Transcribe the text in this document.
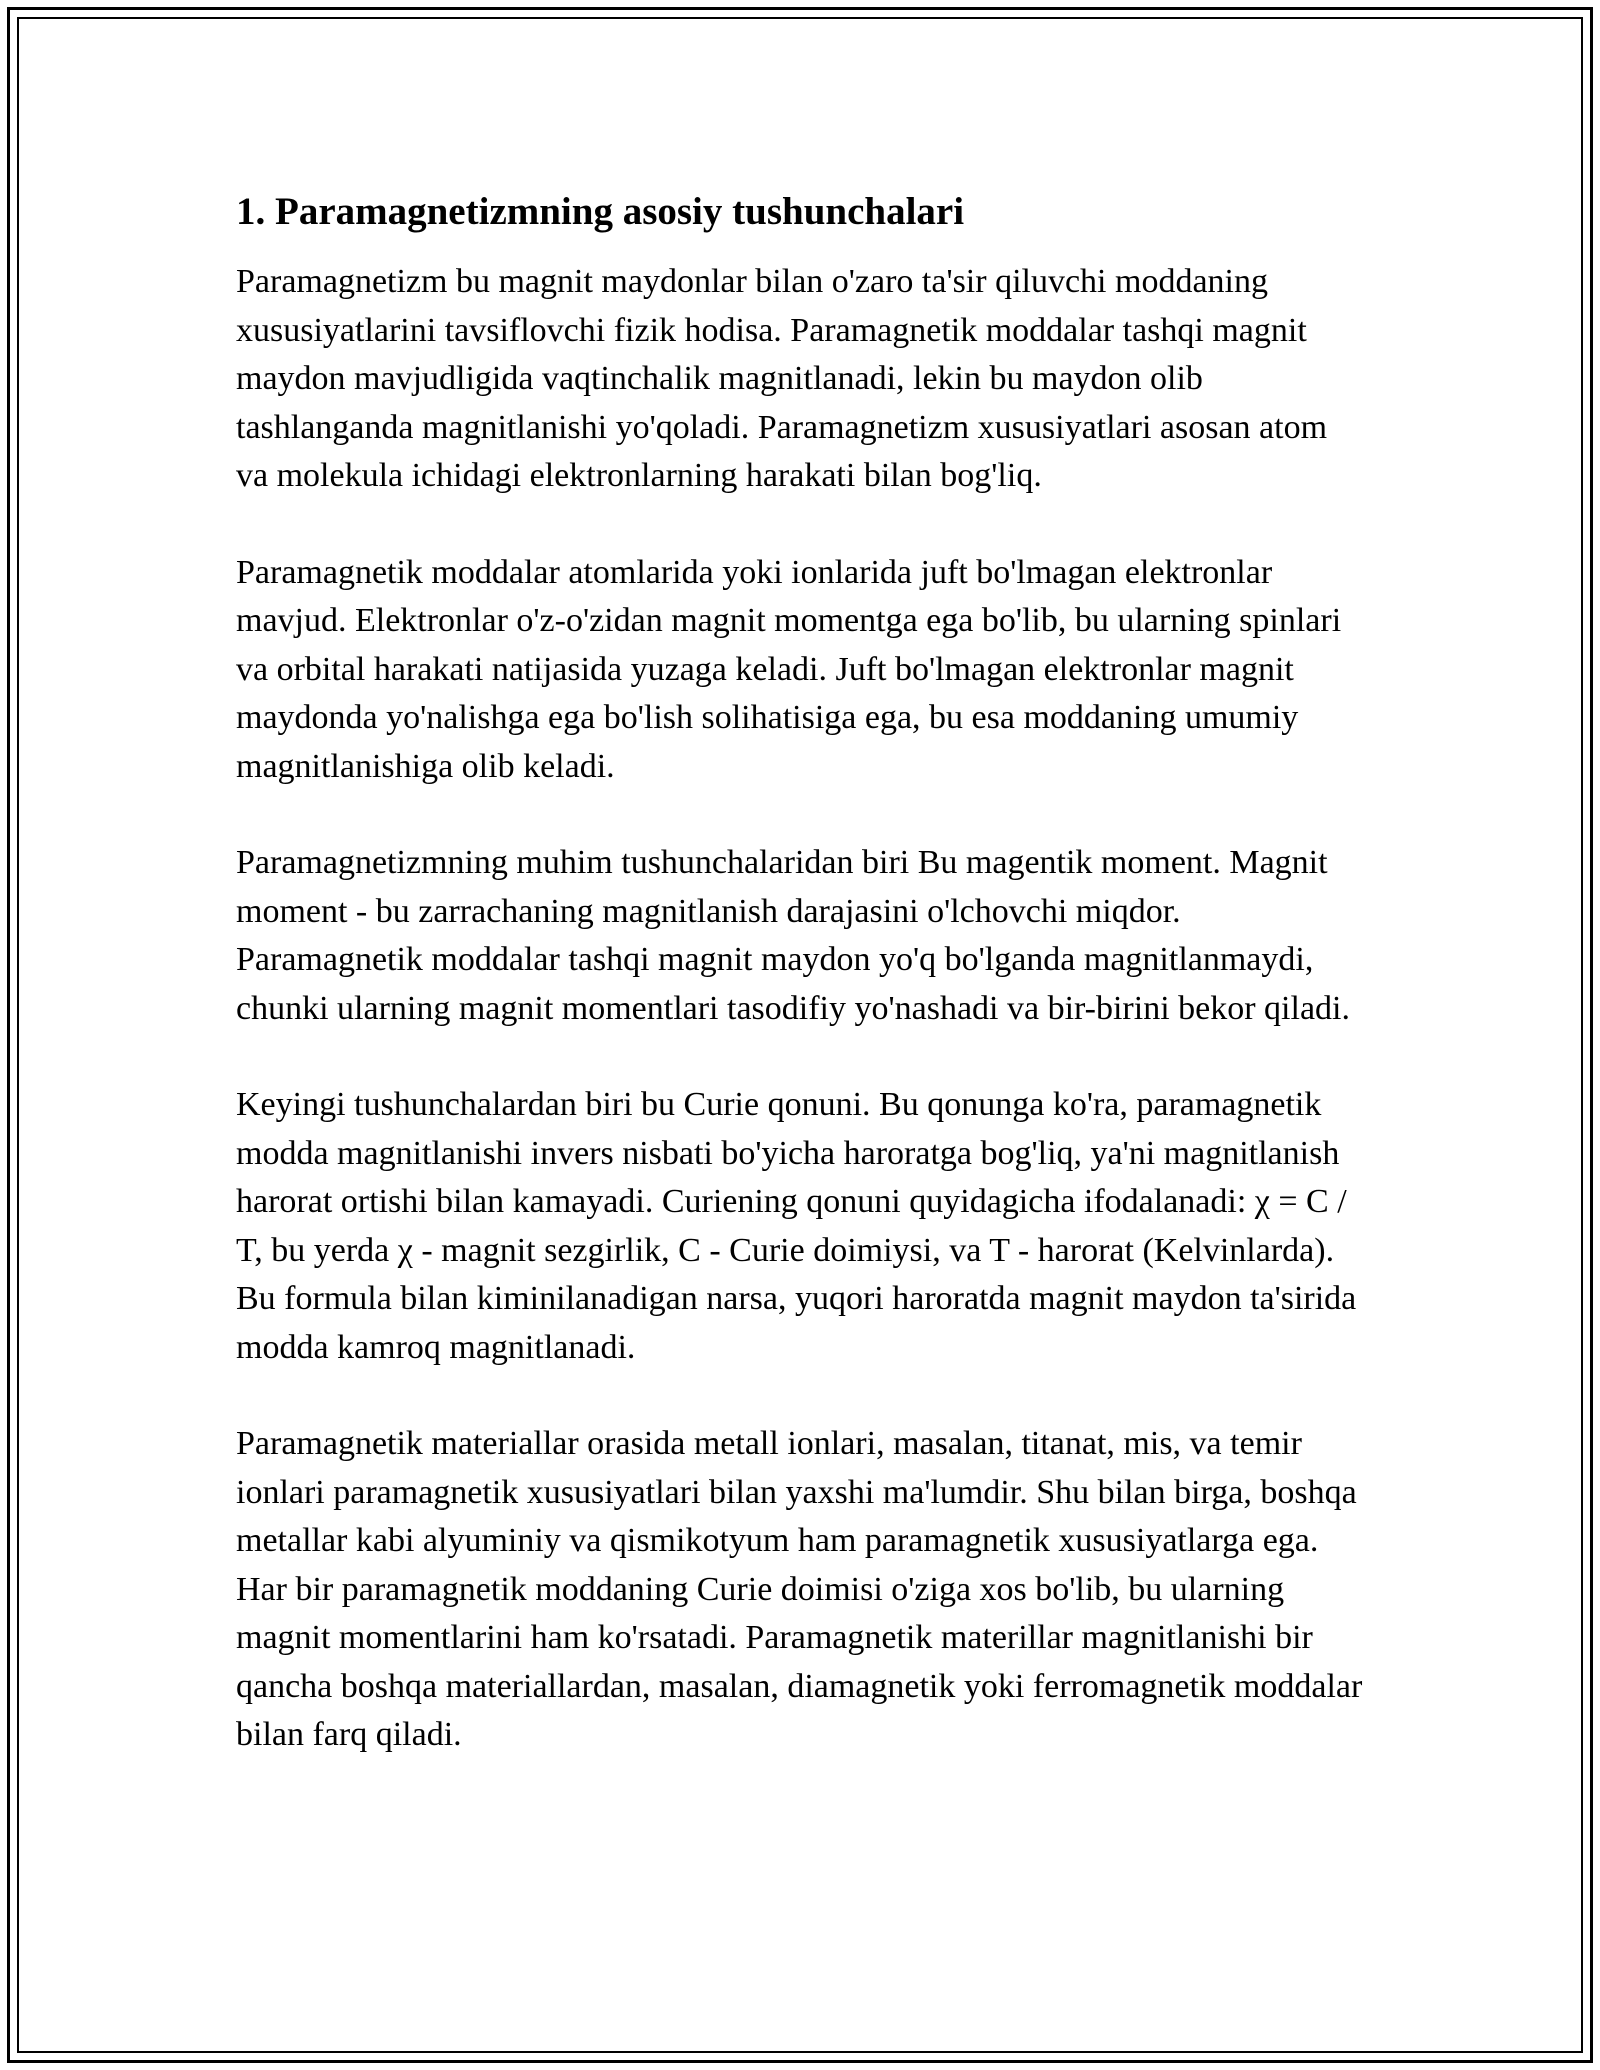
1. Paramagnetizmning asosiy tushunchalari

Paramagnetizm bu magnit maydonlar bilan o'zaro ta'sir qiluvchi moddaning xususiyatlarini tavsiflovchi fizik hodisa. Paramagnetik moddalar tashqi magnit maydon mavjudligida vaqtinchalik magnitlanadi, lekin bu maydon olib tashlanganda magnitlanishi yo'qoladi. Paramagnetizm xususiyatlari asosan atom va molekula ichidagi elektronlarning harakati bilan bog'liq.

Paramagnetik moddalar atomlarida yoki ionlarida juft bo'lmagan elektronlar mavjud. Elektronlar o'z-o'zidan magnit momentga ega bo'lib, bu ularning spinlari va orbital harakati natijasida yuzaga keladi. Juft bo'lmagan elektronlar magnit maydonda yo'nalishga ega bo'lish solihatisiga ega, bu esa moddaning umumiy magnitlanishiga olib keladi.

Paramagnetizmning muhim tushunchalaridan biri Bu magentik moment. Magnit moment - bu zarrachaning magnitlanish darajasini o'lchovchi miqdor. Paramagnetik moddalar tashqi magnit maydon yo'q bo'lganda magnitlanmaydi, chunki ularning magnit momentlari tasodifiy yo'nashadi va bir-birini bekor qiladi.

Keyingi tushunchalardan biri bu Curie qonuni. Bu qonunga ko'ra, paramagnetik modda magnitlanishi invers nisbati bo'yicha haroratga bog'liq, ya'ni magnitlanish harorat ortishi bilan kamayadi. Curiening qonuni quyidagicha ifodalanadi: χ = C / T, bu yerda χ - magnit sezgirlik, C - Curie doimiysi, va T - harorat (Kelvinlarda). Bu formula bilan kiminilanadigan narsa, yuqori haroratda magnit maydon ta'sirida modda kamroq magnitlanadi.

Paramagnetik materiallar orasida metall ionlari, masalan, titanat, mis, va temir ionlari paramagnetik xususiyatlari bilan yaxshi ma'lumdir. Shu bilan birga, boshqa metallar kabi alyuminiy va qismikotyum ham paramagnetik xususiyatlarga ega. Har bir paramagnetik moddaning Curie doimisi o'ziga xos bo'lib, bu ularning magnit momentlarini ham ko'rsatadi. Paramagnetik materillar magnitlanishi bir qancha boshqa materiallardan, masalan, diamagnetik yoki ferromagnetik moddalar bilan farq qiladi.
